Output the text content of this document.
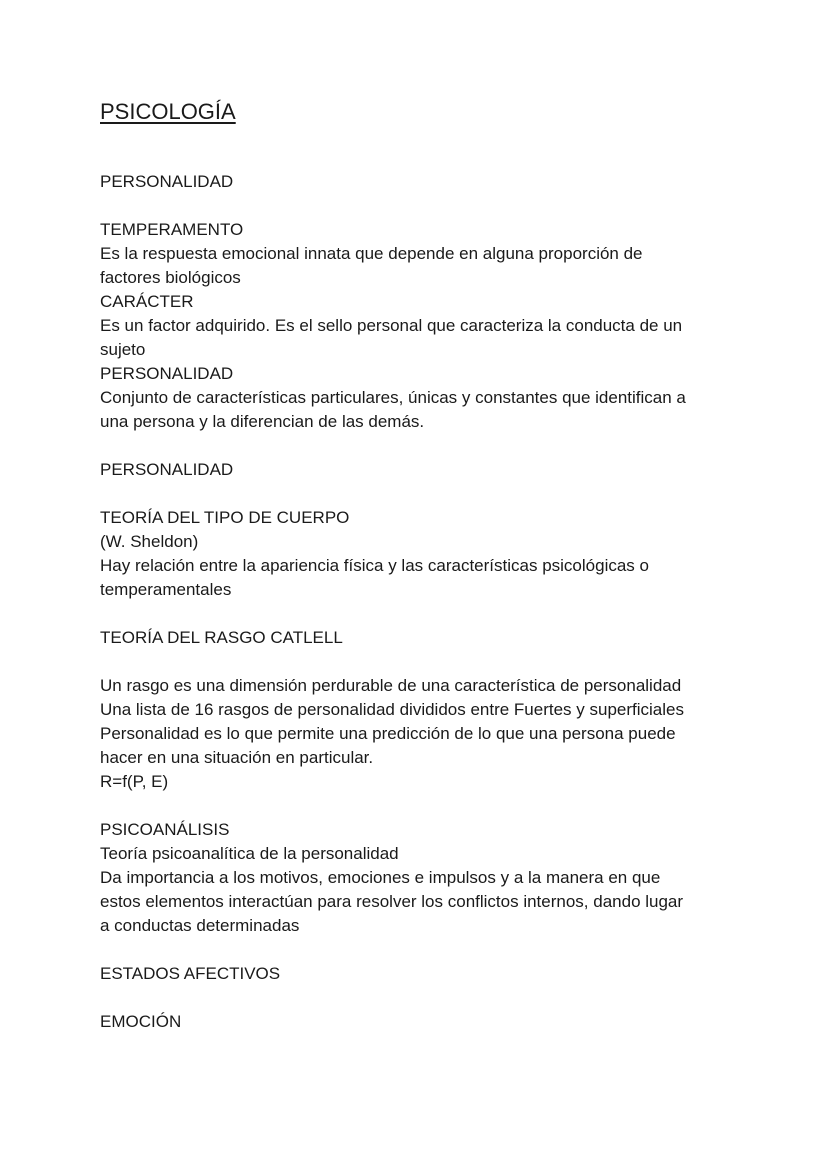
PSICOLOGÍA

PERSONALIDAD

TEMPERAMENTO

Es la respuesta emocional innata que depende en alguna proporción de

factores biológicos

CARÁCTER

Es un factor adquirido. Es el sello personal que caracteriza la conducta de un

sujeto

PERSONALIDAD

Conjunto de características particulares, únicas y constantes que identifican a

una persona y la diferencian de las demás.

PERSONALIDAD

TEORÍA DEL TIPO DE CUERPO

(W. Sheldon)

Hay relación entre la apariencia física y las características psicológicas o

temperamentales

TEORÍA DEL RASGO CATLELL

Un rasgo es una dimensión perdurable de una característica de personalidad

Una lista de 16 rasgos de personalidad divididos entre Fuertes y superficiales

Personalidad es lo que permite una predicción de lo que una persona puede

hacer en una situación en particular.

R=f(P, E)

PSICOANÁLISIS

Teoría psicoanalítica de la personalidad

Da importancia a los motivos, emociones e impulsos y a la manera en que

estos elementos interactúan para resolver los conflictos internos, dando lugar

a conductas determinadas

ESTADOS AFECTIVOS

EMOCIÓN
